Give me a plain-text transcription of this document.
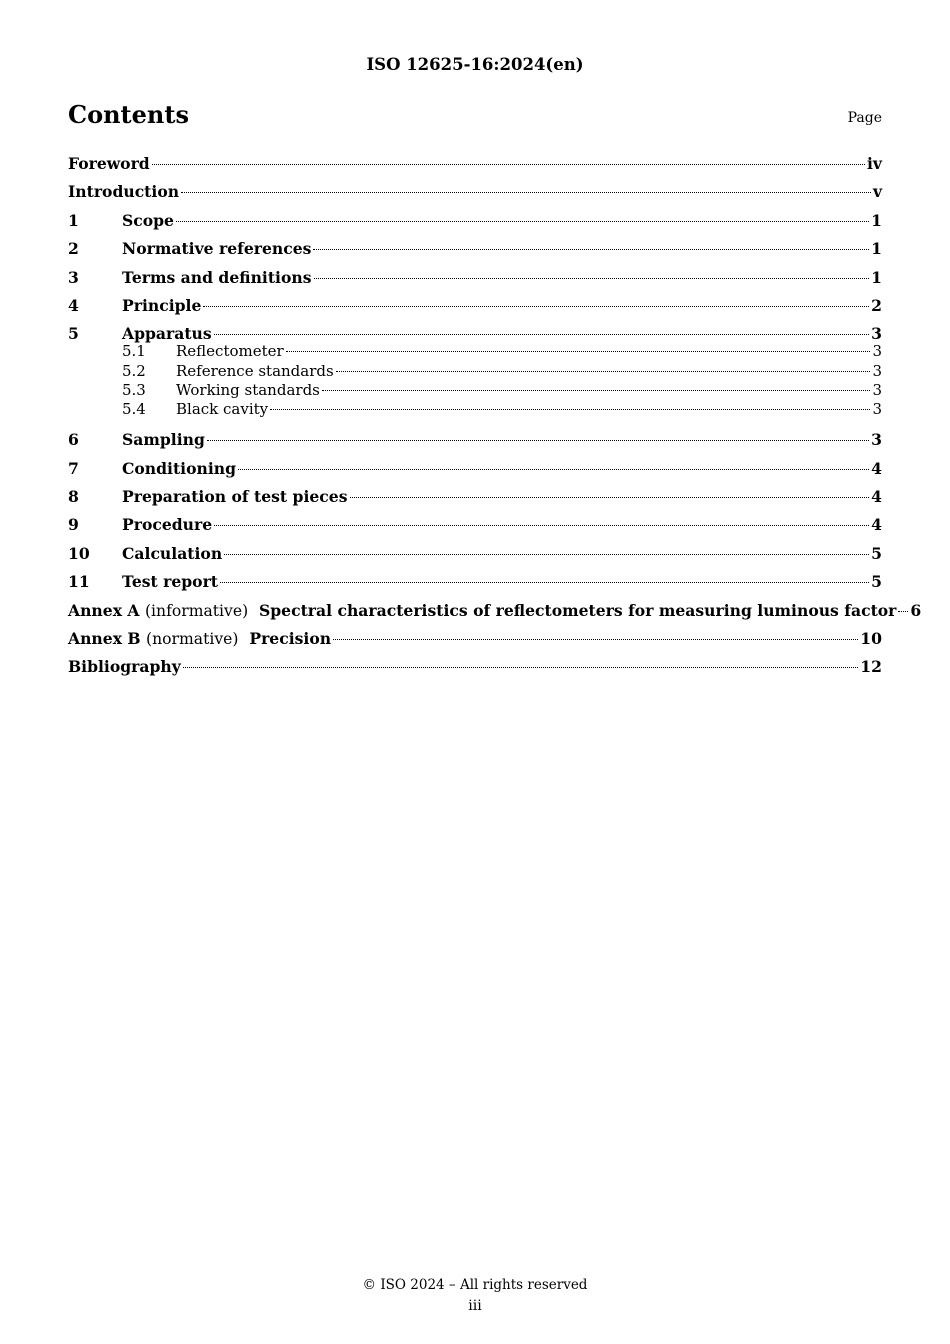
ISO 12625-16:2024(en)
Contents	Page
Foreword	iv
Introduction	v
1	Scope	1
2	Normative references	1
3	Terms and definitions	1
4	Principle	2
5	Apparatus	3
5.1	Reflectometer	3
5.2	Reference standards	3
5.3	Working standards	3
5.4	Black cavity	3
6	Sampling	3
7	Conditioning	4
8	Preparation of test pieces	4
9	Procedure	4
10	Calculation	5
11	Test report	5
Annex A (informative) Spectral characteristics of reflectometers for measuring luminous factor 6
Annex B (normative) Precision	10
Bibliography	12
© ISO 2024 – All rights reserved
iii
